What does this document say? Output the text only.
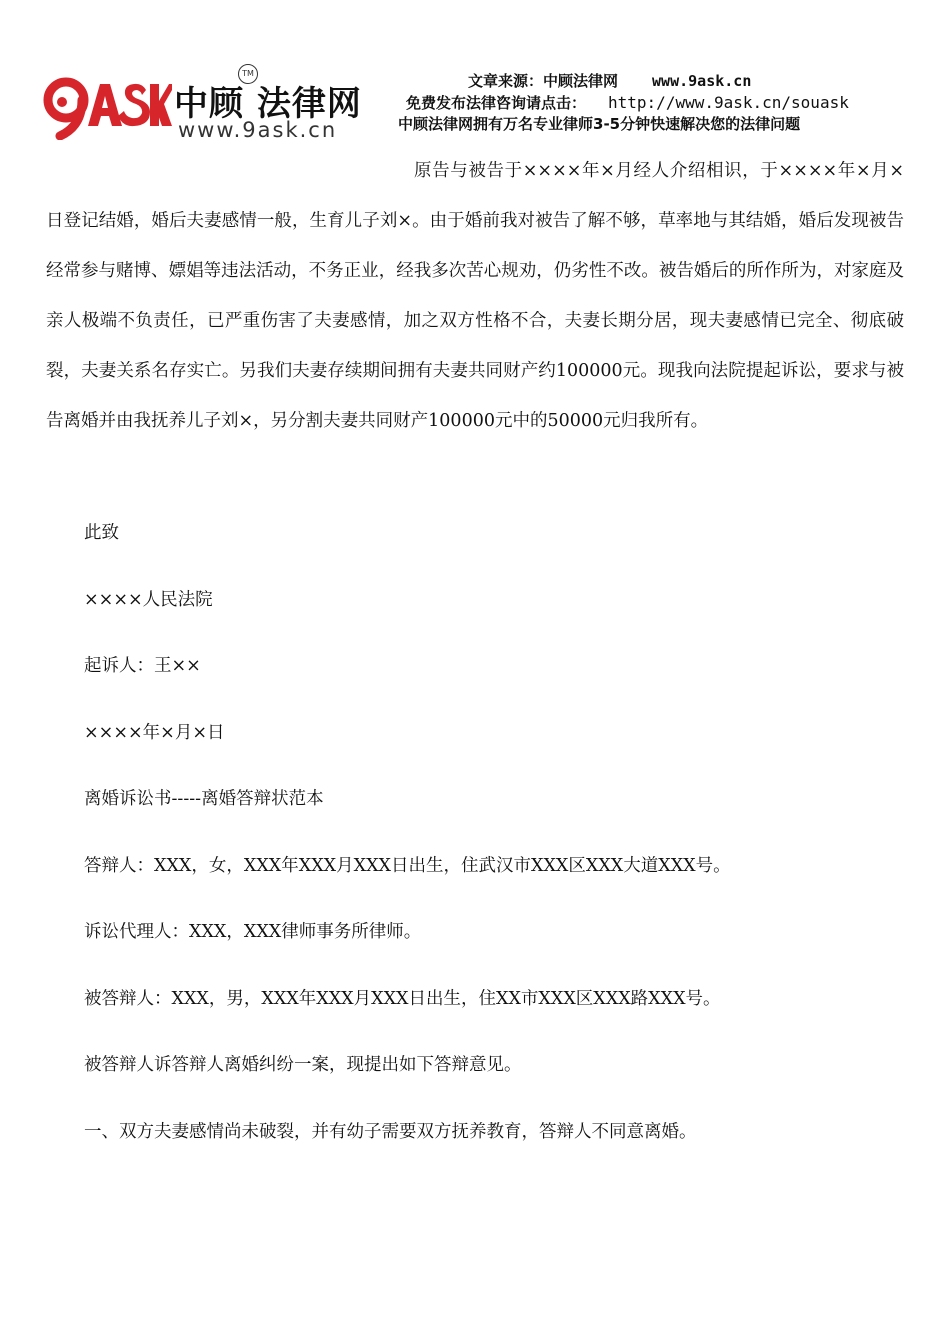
中顾 法律网
TM
www.9ask.cn
文章来源：中顾法律网 www.9ask.cn
免费发布法律咨询请点击： http://www.9ask.cn/souask
中顾法律网拥有万名专业律师3-5分钟快速解决您的法律问题
原告与被告于××××年×月经人介绍相识，于××××年×月×日登记结婚，婚后夫妻感情一般，生育儿子刘×。由于婚前我对被告了解不够，草率地与其结婚，婚后发现被告经常参与赌博、嫖娼等违法活动，不务正业，经我多次苦心规劝，仍劣性不改。被告婚后的所作所为，对家庭及亲人极端不负责任，已严重伤害了夫妻感情，加之双方性格不合，夫妻长期分居，现夫妻感情已完全、彻底破裂，夫妻关系名存实亡。另我们夫妻存续期间拥有夫妻共同财产约100000元。现我向法院提起诉讼，要求与被告离婚并由我抚养儿子刘×，另分割夫妻共同财产100000元中的50000元归我所有。
此致
××××人民法院
起诉人：王××
××××年×月×日
离婚诉讼书-----离婚答辩状范本
答辩人：XXX，女，XXX年XXX月XXX日出生，住武汉市XXX区XXX大道XXX号。
诉讼代理人：XXX，XXX律师事务所律师。
被答辩人：XXX，男，XXX年XXX月XXX日出生，住XX市XXX区XXX路XXX号。
被答辩人诉答辩人离婚纠纷一案，现提出如下答辩意见。
一、双方夫妻感情尚未破裂，并有幼子需要双方抚养教育，答辩人不同意离婚。
